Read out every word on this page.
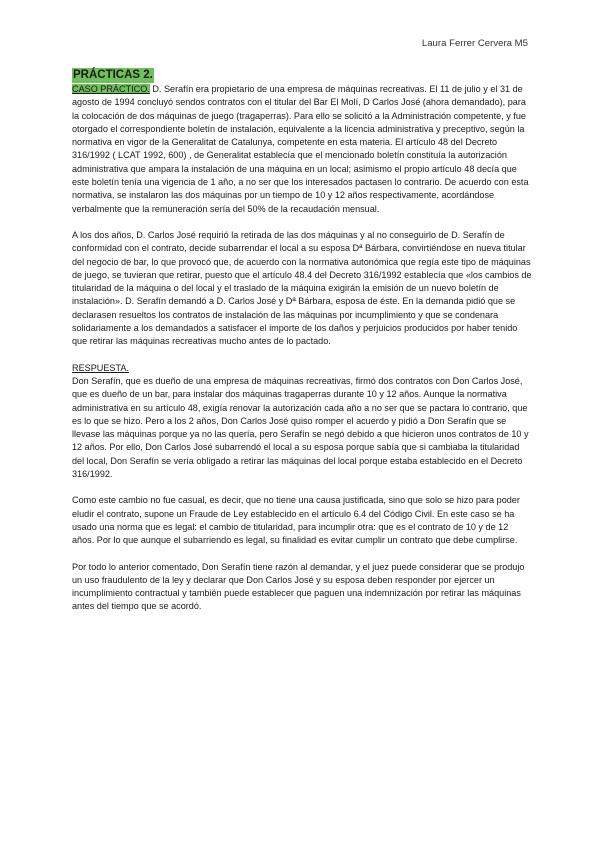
Laura Ferrer Cervera M5
PRÁCTICAS 2.

CASO PRÁCTICO. D. Serafín era propietario de una empresa de máquinas recreativas. El 11 de julio y el 31 de agosto de 1994 concluyó sendos contratos con el titular del Bar El Molí, D Carlos José (ahora demandado), para la colocación de dos máquinas de juego (tragaperras). Para ello se solicitó a la Administración competente, y fue otorgado el correspondiente boletín de instalación, equivalente a la licencia administrativa y preceptivo, según la normativa en vigor de la Generalitat de Catalunya, competente en esta materia. El artículo 48 del Decreto 316/1992 ( LCAT 1992, 600) , de Generalitat establecía que el mencionado boletín constituía la autorización administrativa que ampara la instalación de una máquina en un local; asimismo el propio artículo 48 decía que este boletín tenía una vigencia de 1 año, a no ser que los interesados pactasen lo contrario. De acuerdo con esta normativa, se instalaron las dos máquinas por un tiempo de 10 y 12 años respectivamente, acordándose verbalmente que la remuneración sería del 50% de la recaudación mensual.

A los dos años, D. Carlos José requirió la retirada de las dos máquinas y al no conseguirlo de D. Serafín de conformidad con el contrato, decide subarrendar el local a su esposa Dª Bárbara, convirtiéndose en nueva titular del negocio de bar, lo que provocó que, de acuerdo con la normativa autonómica que regía este tipo de máquinas de juego, se tuvieran que retirar, puesto que el artículo 48.4 del Decreto 316/1992 establecía que «los cambios de titularidad de la máquina o del local y el traslado de la máquina exigirán la emisión de un nuevo boletín de instalación». D. Serafín demandó a D. Carlos José y Dª Bárbara, esposa de éste. En la demanda pidió que se declarasen resueltos los contratos de instalación de las máquinas por incumplimiento y que se condenara solidariamente a los demandados a satisfacer el importe de los daños y perjuicios producidos por haber tenido que retirar las máquinas recreativas mucho antes de lo pactado.

RESPUESTA.

Don Serafín, que es dueño de una empresa de máquinas recreativas, firmó dos contratos con Don Carlos José, que es dueño de un bar, para instalar dos máquinas tragaperras durante 10 y 12 años. Aunque la normativa administrativa en su artículo 48, exigía renovar la autorización cada año a no ser que se pactara lo contrario, que es lo que se hizo. Pero a los 2 años, Don Carlos José quiso romper el acuerdo y pidió a Don Serafín que se llevase las máquinas porque ya no las quería, pero Serafín se negó debido a que hicieron unos contratos de 10 y 12 años. Por ello, Don Carlos José subarrendó el local a su esposa porque sabía que si cambiaba la titularidad del local, Don Serafín se vería obligado a retirar las máquinas del local porque estaba establecido en el Decreto 316/1992.

Como este cambio no fue casual, es decir, que no tiene una causa justificada, sino que solo se hizo para poder eludir el contrato, supone un Fraude de Ley establecido en el artículo 6.4 del Código Civil. En este caso se ha usado una norma que es legal: el cambio de titularidad, para incumplir otra: que es el contrato de 10 y de 12 años. Por lo que aunque el subarriendo es legal, su finalidad es evitar cumplir un contrato que debe cumplirse.

Por todo lo anterior comentado, Don Serafín tiene razón al demandar, y el juez puede considerar que se produjo un uso fraudulento de la ley y declarar que Don Carlos José y su esposa deben responder por ejercer un incumplimiento contractual y también puede establecer que paguen una indemnización por retirar las máquinas antes del tiempo que se acordó.
